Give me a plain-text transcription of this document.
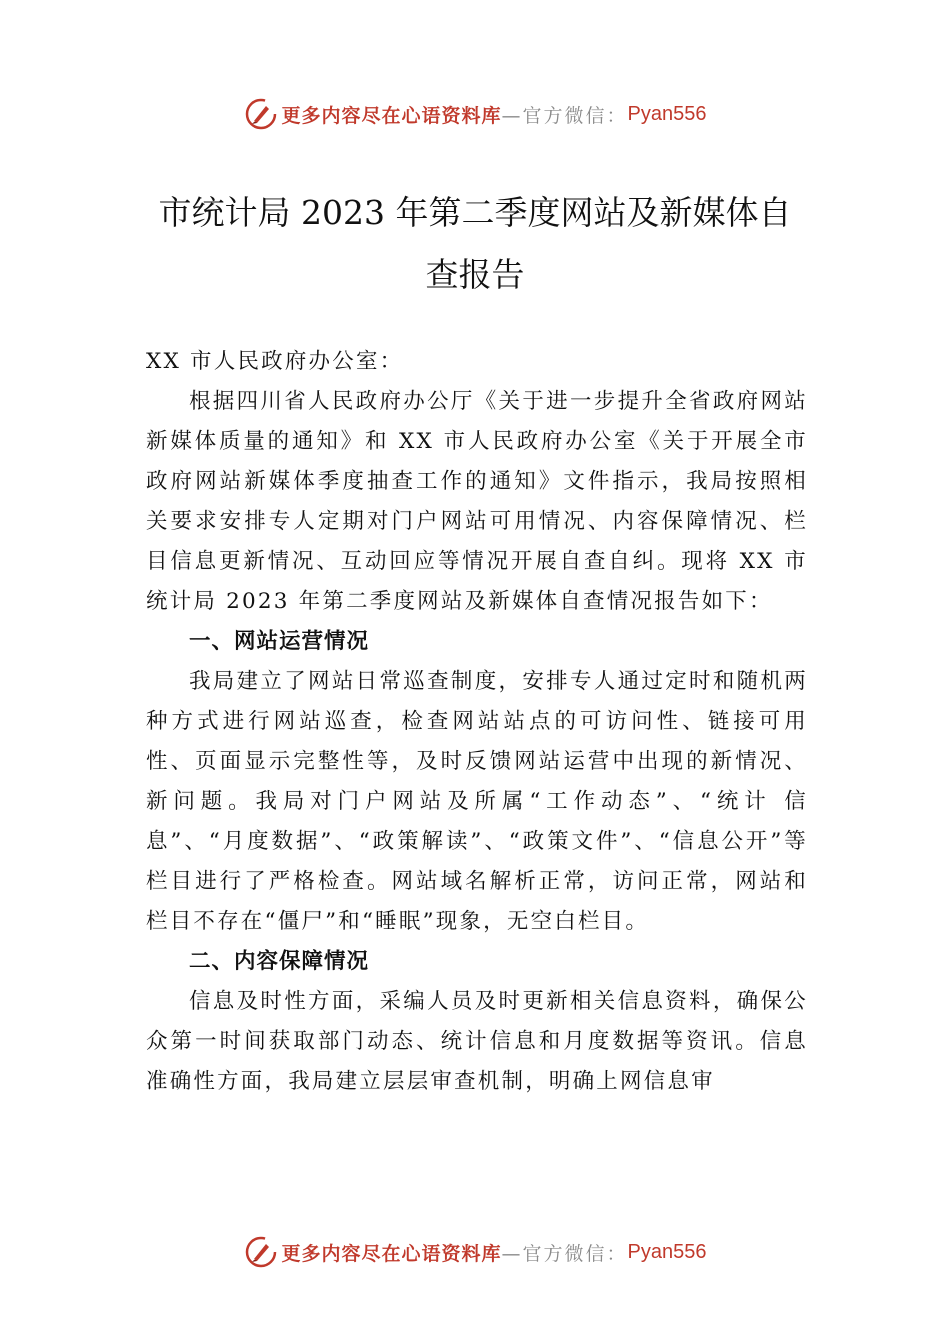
更多内容尽在心语资料库 —官方微信： Pyan556
市统计局 2023 年第二季度网站及新媒体自
查报告

XX 市人民政府办公室：

根据四川省人民政府办公厅《关于进一步提升全省政府网站新媒体质量的通知》和 XX 市人民政府办公室《关于开展全市政府网站新媒体季度抽查工作的通知》文件指示，我局按照相关要求安排专人定期对门户网站可用情况、内容保障情况、栏目信息更新情况、互动回应等情况开展自查自纠。现将 XX 市统计局 2023 年第二季度网站及新媒体自查情况报告如下：

一、网站运营情况

我局建立了网站日常巡查制度，安排专人通过定时和随机两种方式进行网站巡查，检查网站站点的可访问性、链接可用性、页面显示完整性等，及时反馈网站运营中出现的新情况、新问题。我局对门户网站及所属“工作动态”、“统计 信息”、“月度数据”、“政策解读”、“政策文件”、“信息公开”等栏目进行了严格检查。网站域名解析正常，访问正常，网站和栏目不存在“僵尸”和“睡眠”现象，无空白栏目。

二、内容保障情况

信息及时性方面，采编人员及时更新相关信息资料，确保公众第一时间获取部门动态、统计信息和月度数据等资讯。信息准确性方面，我局建立层层审查机制，明确上网信息审

更多内容尽在心语资料库 —官方微信： Pyan556
